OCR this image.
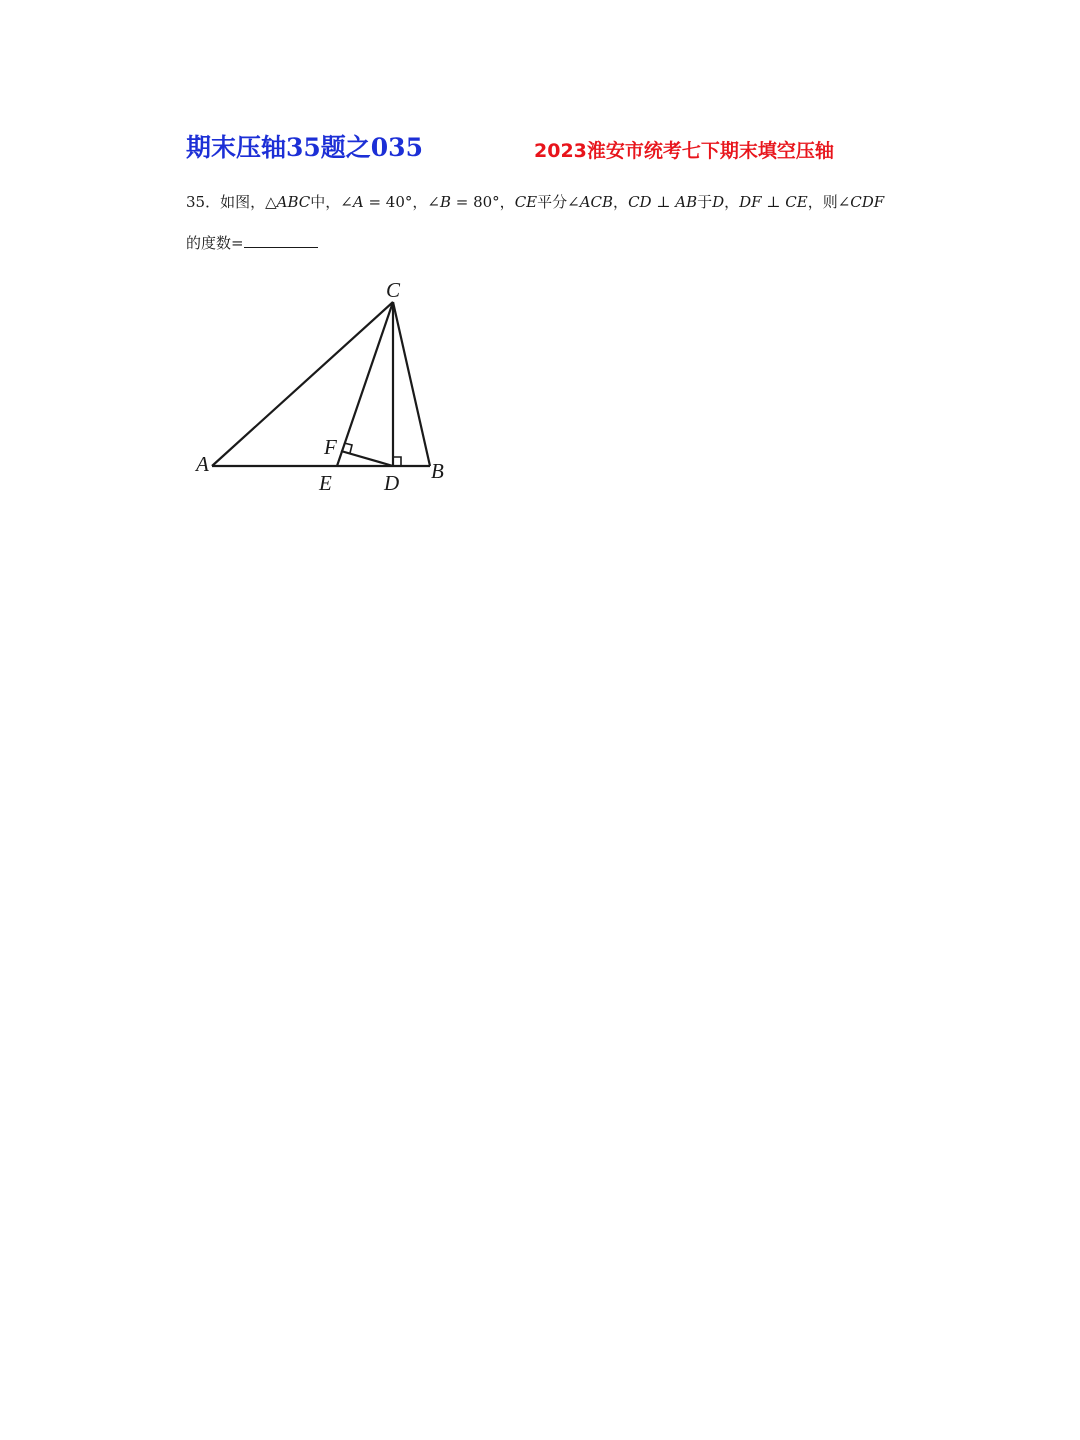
期末压轴35题之035	2023淮安市统考七下期末填空压轴
35．如图，△ABC中，∠A = 40°，∠B = 80°，CE平分∠ACB，CD ⊥ AB于D，DF ⊥ CE，则∠CDF
的度数=
C
F
A
E D B
